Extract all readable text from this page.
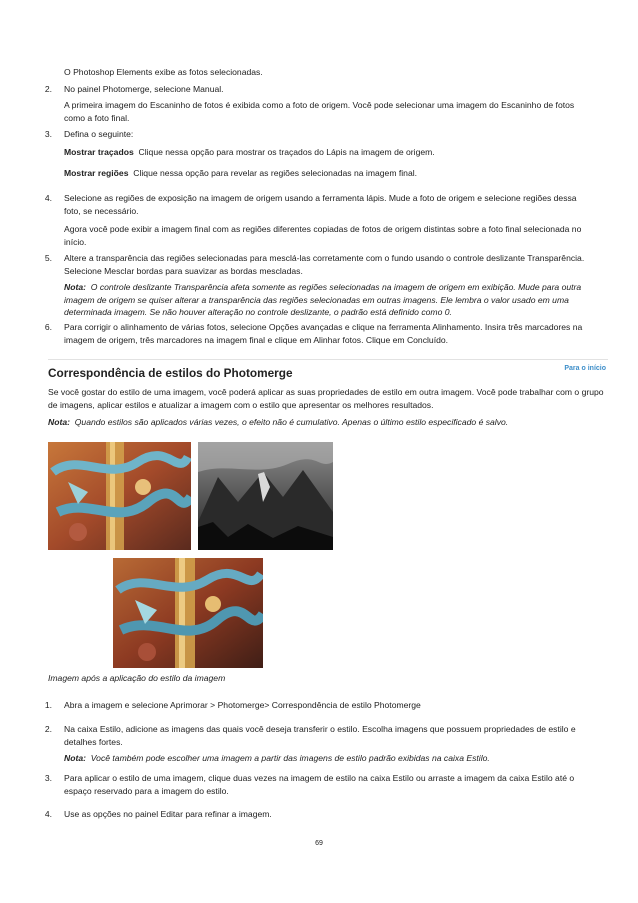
O Photoshop Elements exibe as fotos selecionadas.

2. No painel Photomerge, selecione Manual.

A primeira imagem do Escaninho de fotos é exibida como a foto de origem. Você pode selecionar uma imagem do Escaninho de fotos como a foto final.

3. Defina o seguinte:

Mostrar traçados Clique nessa opção para mostrar os traçados do Lápis na imagem de origem.

Mostrar regiões Clique nessa opção para revelar as regiões selecionadas na imagem final.

4. Selecione as regiões de exposição na imagem de origem usando a ferramenta lápis. Mude a foto de origem e selecione regiões dessa foto, se necessário.

Agora você pode exibir a imagem final com as regiões diferentes copiadas de fotos de origem distintas sobre a foto final selecionada no início.

5. Altere a transparência das regiões selecionadas para mesclá-las corretamente com o fundo usando o controle deslizante Transparência. Selecione Mesclar bordas para suavizar as bordas mescladas.

Nota: O controle deslizante Transparência afeta somente as regiões selecionadas na imagem de origem em exibição. Mude para outra imagem de origem se quiser alterar a transparência das regiões selecionadas em outras imagens. Ele lembra o valor usado em uma determinada imagem. Se não houver alteração no controle deslizante, o padrão está definido como 0.

6. Para corrigir o alinhamento de várias fotos, selecione Opções avançadas e clique na ferramenta Alinhamento. Insira três marcadores na imagem de origem, três marcadores na imagem final e clique em Alinhar fotos. Clique em Concluído.

Correspondência de estilos do Photomerge	Para o início

Se você gostar do estilo de uma imagem, você poderá aplicar as suas propriedades de estilo em outra imagem. Você pode trabalhar com o grupo de imagens, aplicar estilos e atualizar a imagem com o estilo que apresentar os melhores resultados.

Nota: Quando estilos são aplicados várias vezes, o efeito não é cumulativo. Apenas o último estilo especificado é salvo.

Imagem após a aplicação do estilo da imagem

1. Abra a imagem e selecione Aprimorar > Photomerge> Correspondência de estilo Photomerge

2. Na caixa Estilo, adicione as imagens das quais você deseja transferir o estilo. Escolha imagens que possuem propriedades de estilo e detalhes fortes.

Nota: Você também pode escolher uma imagem a partir das imagens de estilo padrão exibidas na caixa Estilo.

3. Para aplicar o estilo de uma imagem, clique duas vezes na imagem de estilo na caixa Estilo ou arraste a imagem da caixa Estilo até o espaço reservado para a imagem do estilo.

4. Use as opções no painel Editar para refinar a imagem.

69
